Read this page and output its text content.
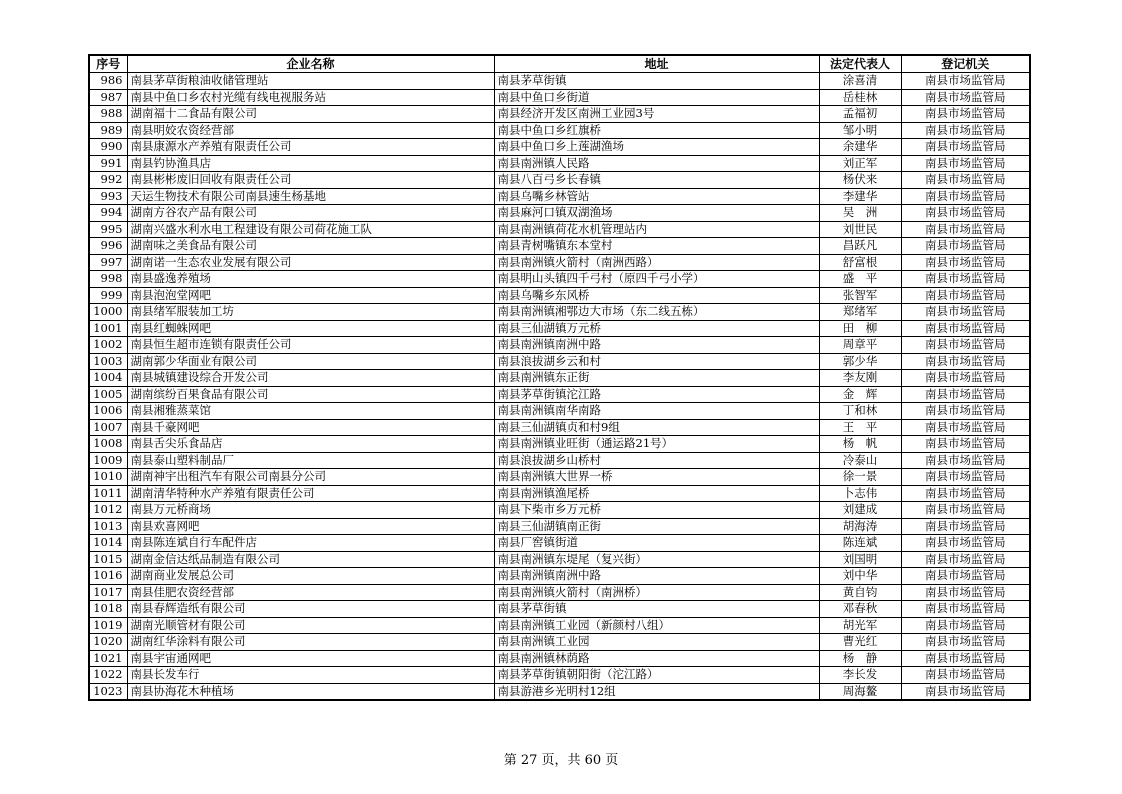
序号	企业名称	地址	法定代表人	登记机关
986	南县茅草街粮油收储管理站	南县茅草街镇	涂喜清	南县市场监管局
987	南县中鱼口乡农村光缆有线电视服务站	南县中鱼口乡街道	岳桂林	南县市场监管局
988	湖南福十二食品有限公司	南县经济开发区南洲工业园3号	孟福初	南县市场监管局
989	南县明姣农资经营部	南县中鱼口乡红旗桥	邹小明	南县市场监管局
990	南县康源水产养殖有限责任公司	南县中鱼口乡上莲湖渔场	余建华	南县市场监管局
991	南县钓协渔具店	南县南洲镇人民路	刘正军	南县市场监管局
992	南县彬彬废旧回收有限责任公司	南县八百弓乡长春镇	杨伏来	南县市场监管局
993	天运生物技术有限公司南县速生杨基地	南县乌嘴乡林管站	李建华	南县市场监管局
994	湖南方谷农产品有限公司	南县麻河口镇双湖渔场	吴　洲	南县市场监管局
995	湖南兴盛水利水电工程建设有限公司荷花施工队	南县南洲镇荷花水机管理站内	刘世民	南县市场监管局
996	湖南味之美食品有限公司	南县青树嘴镇东本堂村	昌跃凡	南县市场监管局
997	湖南诺一生态农业发展有限公司	南县南洲镇火箭村（南洲西路）	舒富根	南县市场监管局
998	南县盛逸养殖场	南县明山头镇四千弓村（原四千弓小学）	盛　平	南县市场监管局
999	南县泡泡堂网吧	南县乌嘴乡东风桥	张智军	南县市场监管局
1000	南县绪军服装加工坊	南县南洲镇湘鄂边大市场（东二线五栋）	郑绪军	南县市场监管局
1001	南县红蜘蛛网吧	南县三仙湖镇万元桥	田　柳	南县市场监管局
1002	南县恒生超市连锁有限责任公司	南县南洲镇南洲中路	周章平	南县市场监管局
1003	湖南郭少华面业有限公司	南县浪拔湖乡云和村	郭少华	南县市场监管局
1004	南县城镇建设综合开发公司	南县南洲镇东正街	李友刚	南县市场监管局
1005	湖南缤纷百果食品有限公司	南县茅草街镇沱江路	金　辉	南县市场监管局
1006	南县湘雅蒸菜馆	南县南洲镇南华南路	丁和林	南县市场监管局
1007	南县千豪网吧	南县三仙湖镇贞和村9组	王　平	南县市场监管局
1008	南县舌尖乐食品店	南县南洲镇业旺街（通运路21号）	杨　帆	南县市场监管局
1009	南县泰山塑料制品厂	南县浪拔湖乡山桥村	冷泰山	南县市场监管局
1010	湖南神宇出租汽车有限公司南县分公司	南县南洲镇大世界一桥	徐一景	南县市场监管局
1011	湖南清华特种水产养殖有限责任公司	南县南洲镇渔尾桥	卜志伟	南县市场监管局
1012	南县万元桥商场	南县下柴市乡万元桥	刘建成	南县市场监管局
1013	南县欢喜网吧	南县三仙湖镇南正街	胡海涛	南县市场监管局
1014	南县陈连斌自行车配件店	南县厂窖镇街道	陈连斌	南县市场监管局
1015	湖南金信达纸品制造有限公司	南县南洲镇东堤尾（复兴街）	刘国明	南县市场监管局
1016	湖南商业发展总公司	南县南洲镇南洲中路	刘中华	南县市场监管局
1017	南县佳肥农资经营部	南县南洲镇火箭村（南洲桥）	黄自钧	南县市场监管局
1018	南县春辉造纸有限公司	南县茅草街镇	邓春秋	南县市场监管局
1019	湖南光顺管材有限公司	南县南洲镇工业园（新颜村八组）	胡光军	南县市场监管局
1020	湖南红华涂料有限公司	南县南洲镇工业园	曹光红	南县市场监管局
1021	南县宇宙通网吧	南县南洲镇林荫路	杨　静	南县市场监管局
1022	南县长发车行	南县茅草街镇朝阳街（沱江路）	李长发	南县市场监管局
1023	南县协海花木种植场	南县游港乡光明村12组	周海鳌	南县市场监管局
第 27 页，共 60 页
